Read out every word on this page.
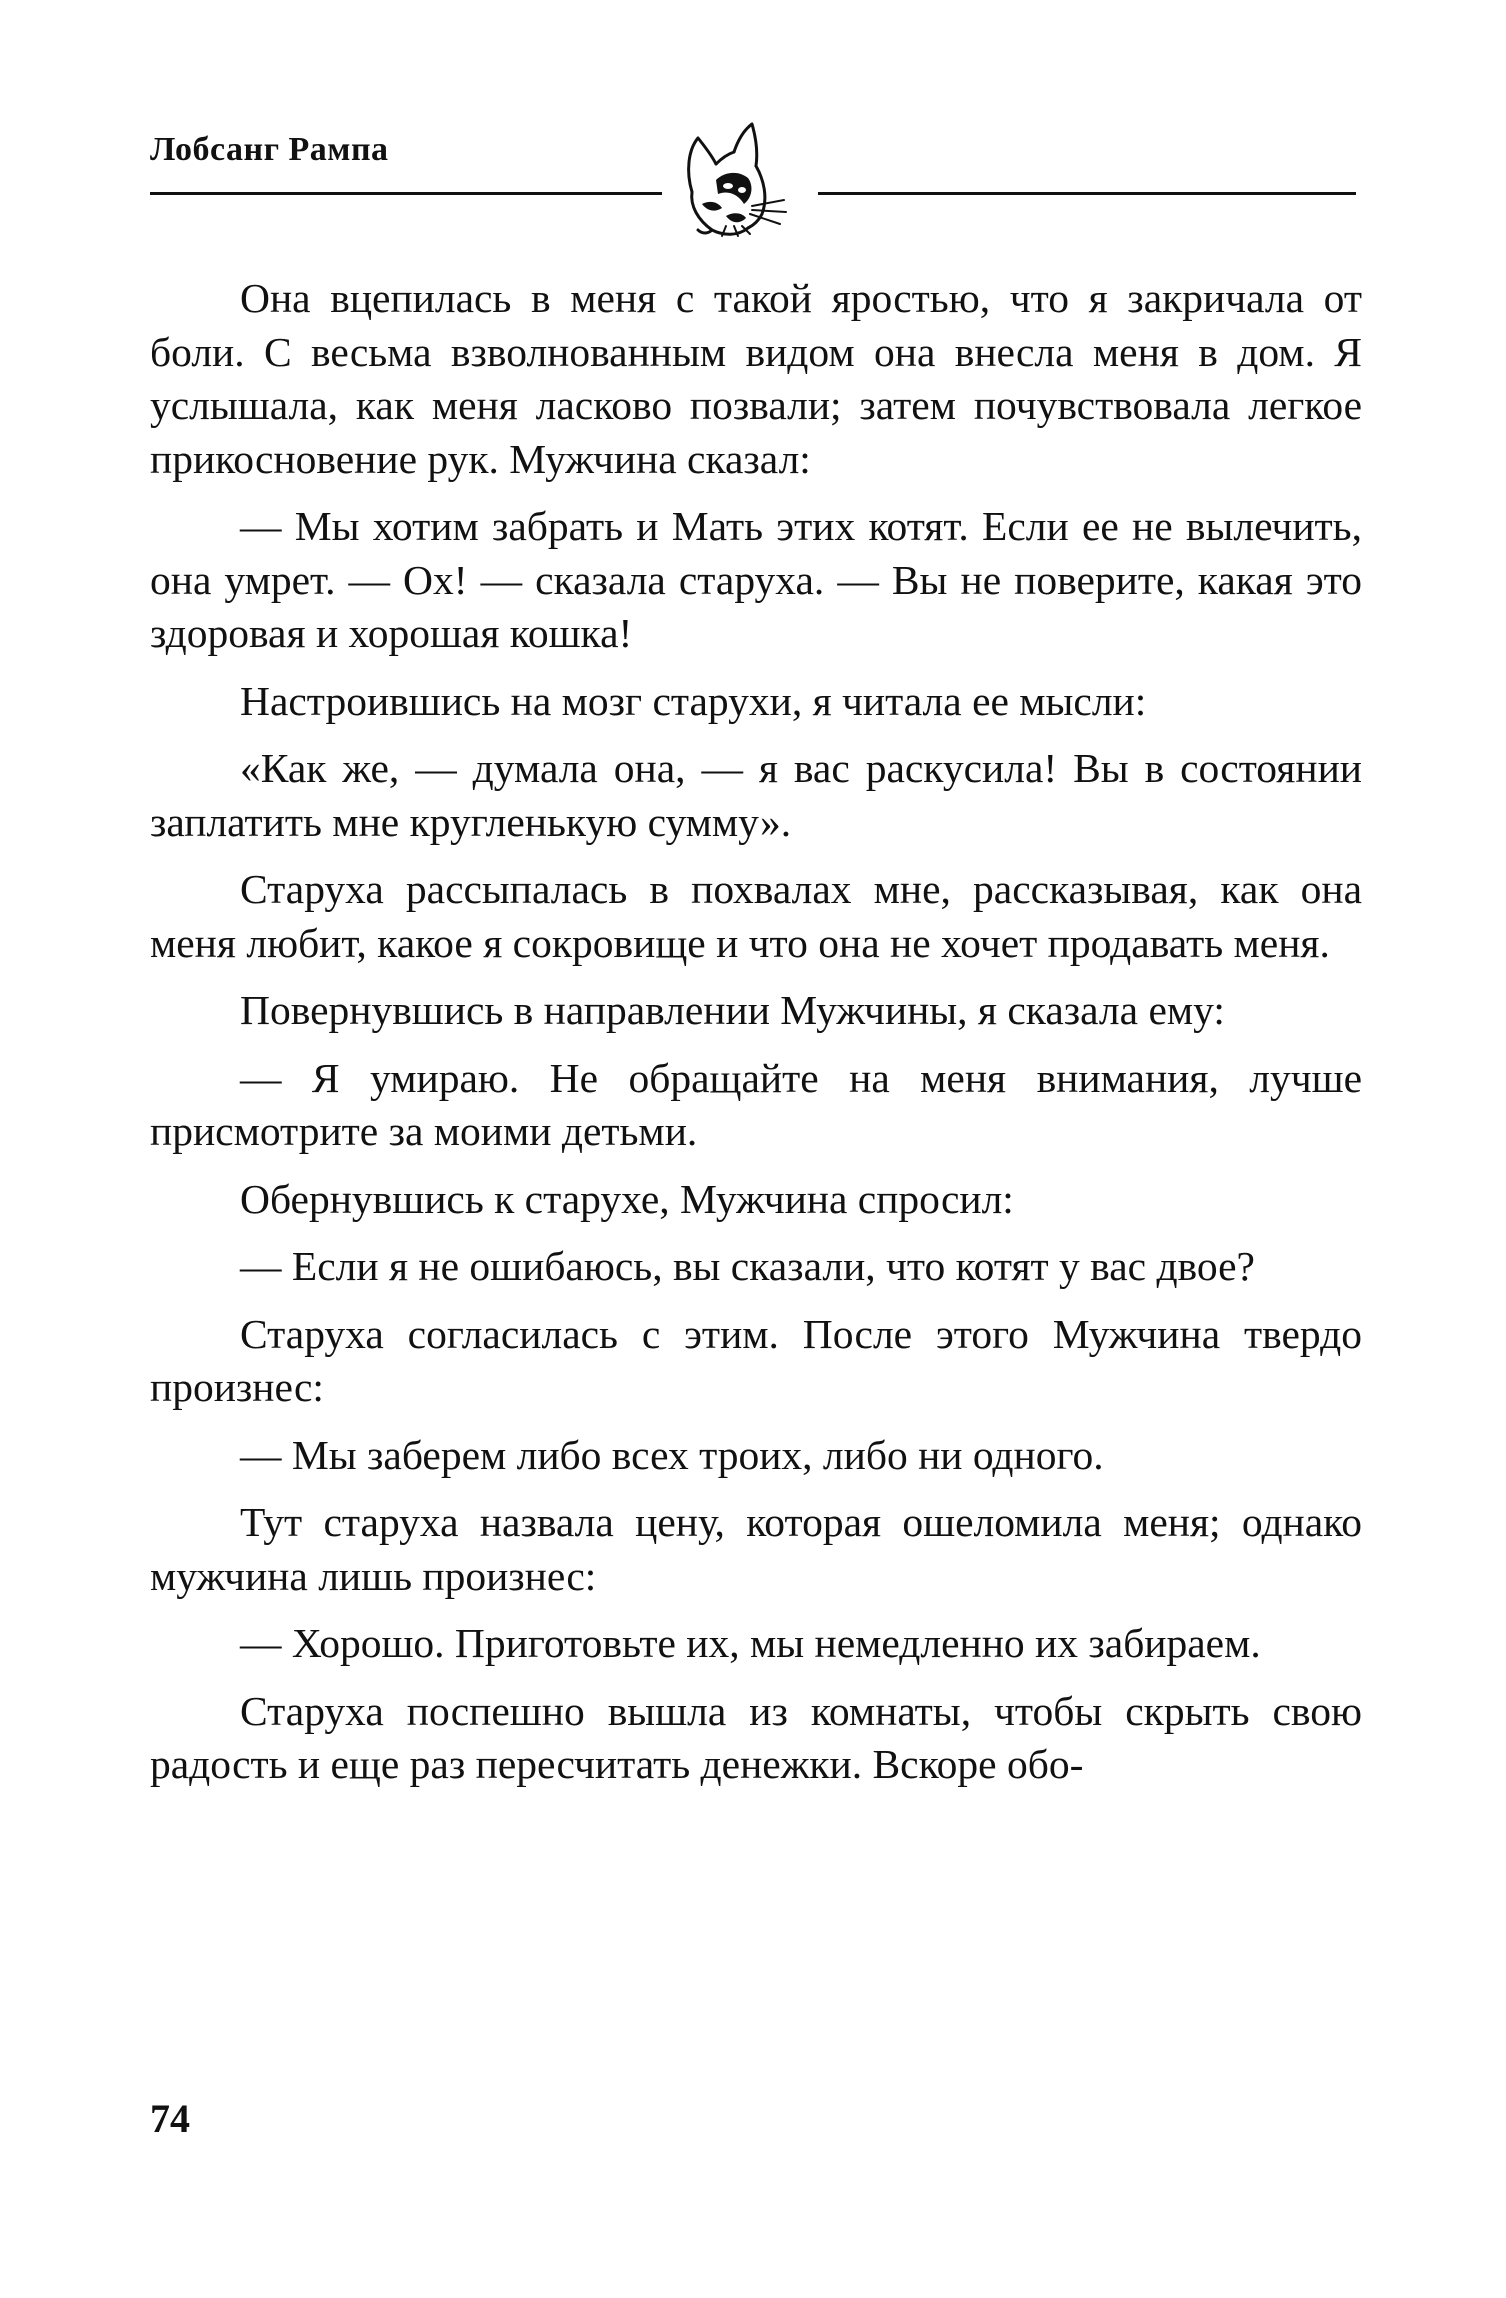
Лобсанг Рампа

Она вцепилась в меня с такой яростью, что я закричала от боли. С весьма взволнованным видом она внесла меня в дом. Я услышала, как меня ласково позвали; затем почувствовала легкое прикосновение рук. Мужчина сказал:

— Мы хотим забрать и Мать этих котят. Если ее не вылечить, она умрет. — Ох! — сказала старуха. — Вы не поверите, какая это здоровая и хорошая кошка!

Настроившись на мозг старухи, я читала ее мысли:

«Как же, — думала она, — я вас раскусила! Вы в состоянии заплатить мне кругленькую сумму».

Старуха рассыпалась в похвалах мне, рассказывая, как она меня любит, какое я сокровище и что она не хочет продавать меня.

Повернувшись в направлении Мужчины, я сказала ему:

— Я умираю. Не обращайте на меня внимания, лучше присмотрите за моими детьми.

Обернувшись к старухе, Мужчина спросил:

— Если я не ошибаюсь, вы сказали, что котят у вас двое?

Старуха согласилась с этим. После этого Мужчина твердо произнес:

— Мы заберем либо всех троих, либо ни одного.

Тут старуха назвала цену, которая ошеломила меня; однако мужчина лишь произнес:

— Хорошо. Приготовьте их, мы немедленно их забираем.

Старуха поспешно вышла из комнаты, чтобы скрыть свою радость и еще раз пересчитать денежки. Вскоре обо-

74
